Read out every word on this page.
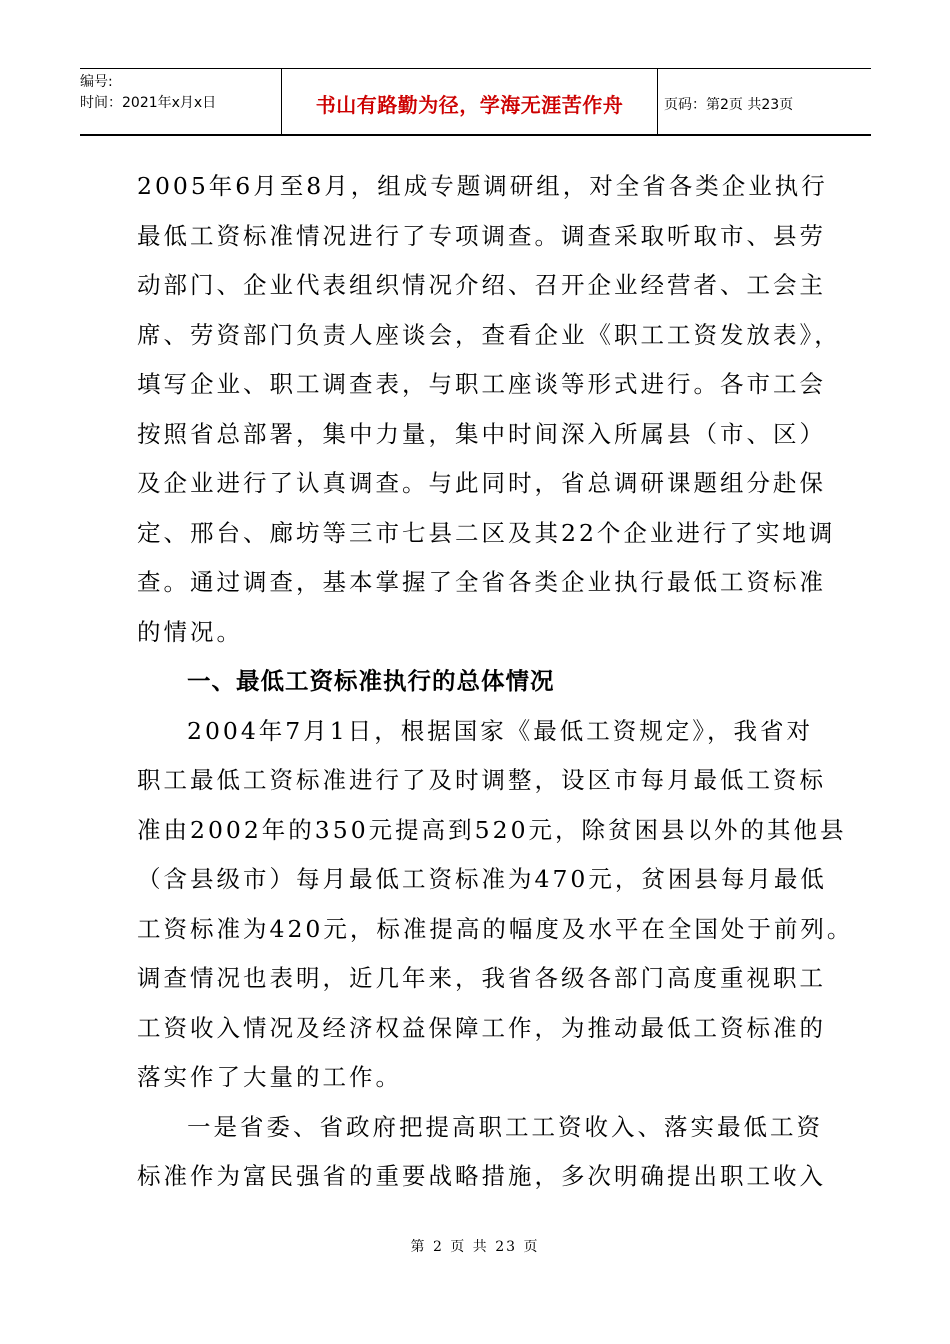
编号:
时间：2021年x月x日	书山有路勤为径，学海无涯苦作舟	页码：第2页 共23页
2005年6月至8月，组成专题调研组，对全省各类企业执行
最低工资标准情况进行了专项调查。调查采取听取市、县劳
动部门、企业代表组织情况介绍、召开企业经营者、工会主
席、劳资部门负责人座谈会，查看企业《职工工资发放表》，
填写企业、职工调查表，与职工座谈等形式进行。各市工会
按照省总部署，集中力量，集中时间深入所属县（市、区）
及企业进行了认真调查。与此同时，省总调研课题组分赴保
定、邢台、廊坊等三市七县二区及其22个企业进行了实地调
查。通过调查，基本掌握了全省各类企业执行最低工资标准
的情况。
一、最低工资标准执行的总体情况
2004年7月1日，根据国家《最低工资规定》，我省对
职工最低工资标准进行了及时调整，设区市每月最低工资标
准由2002年的350元提高到520元，除贫困县以外的其他县
（含县级市）每月最低工资标准为470元，贫困县每月最低
工资标准为420元，标准提高的幅度及水平在全国处于前列。
调查情况也表明，近几年来，我省各级各部门高度重视职工
工资收入情况及经济权益保障工作，为推动最低工资标准的
落实作了大量的工作。
一是省委、省政府把提高职工工资收入、落实最低工资
标准作为富民强省的重要战略措施，多次明确提出职工收入
第 2 页 共 23 页
